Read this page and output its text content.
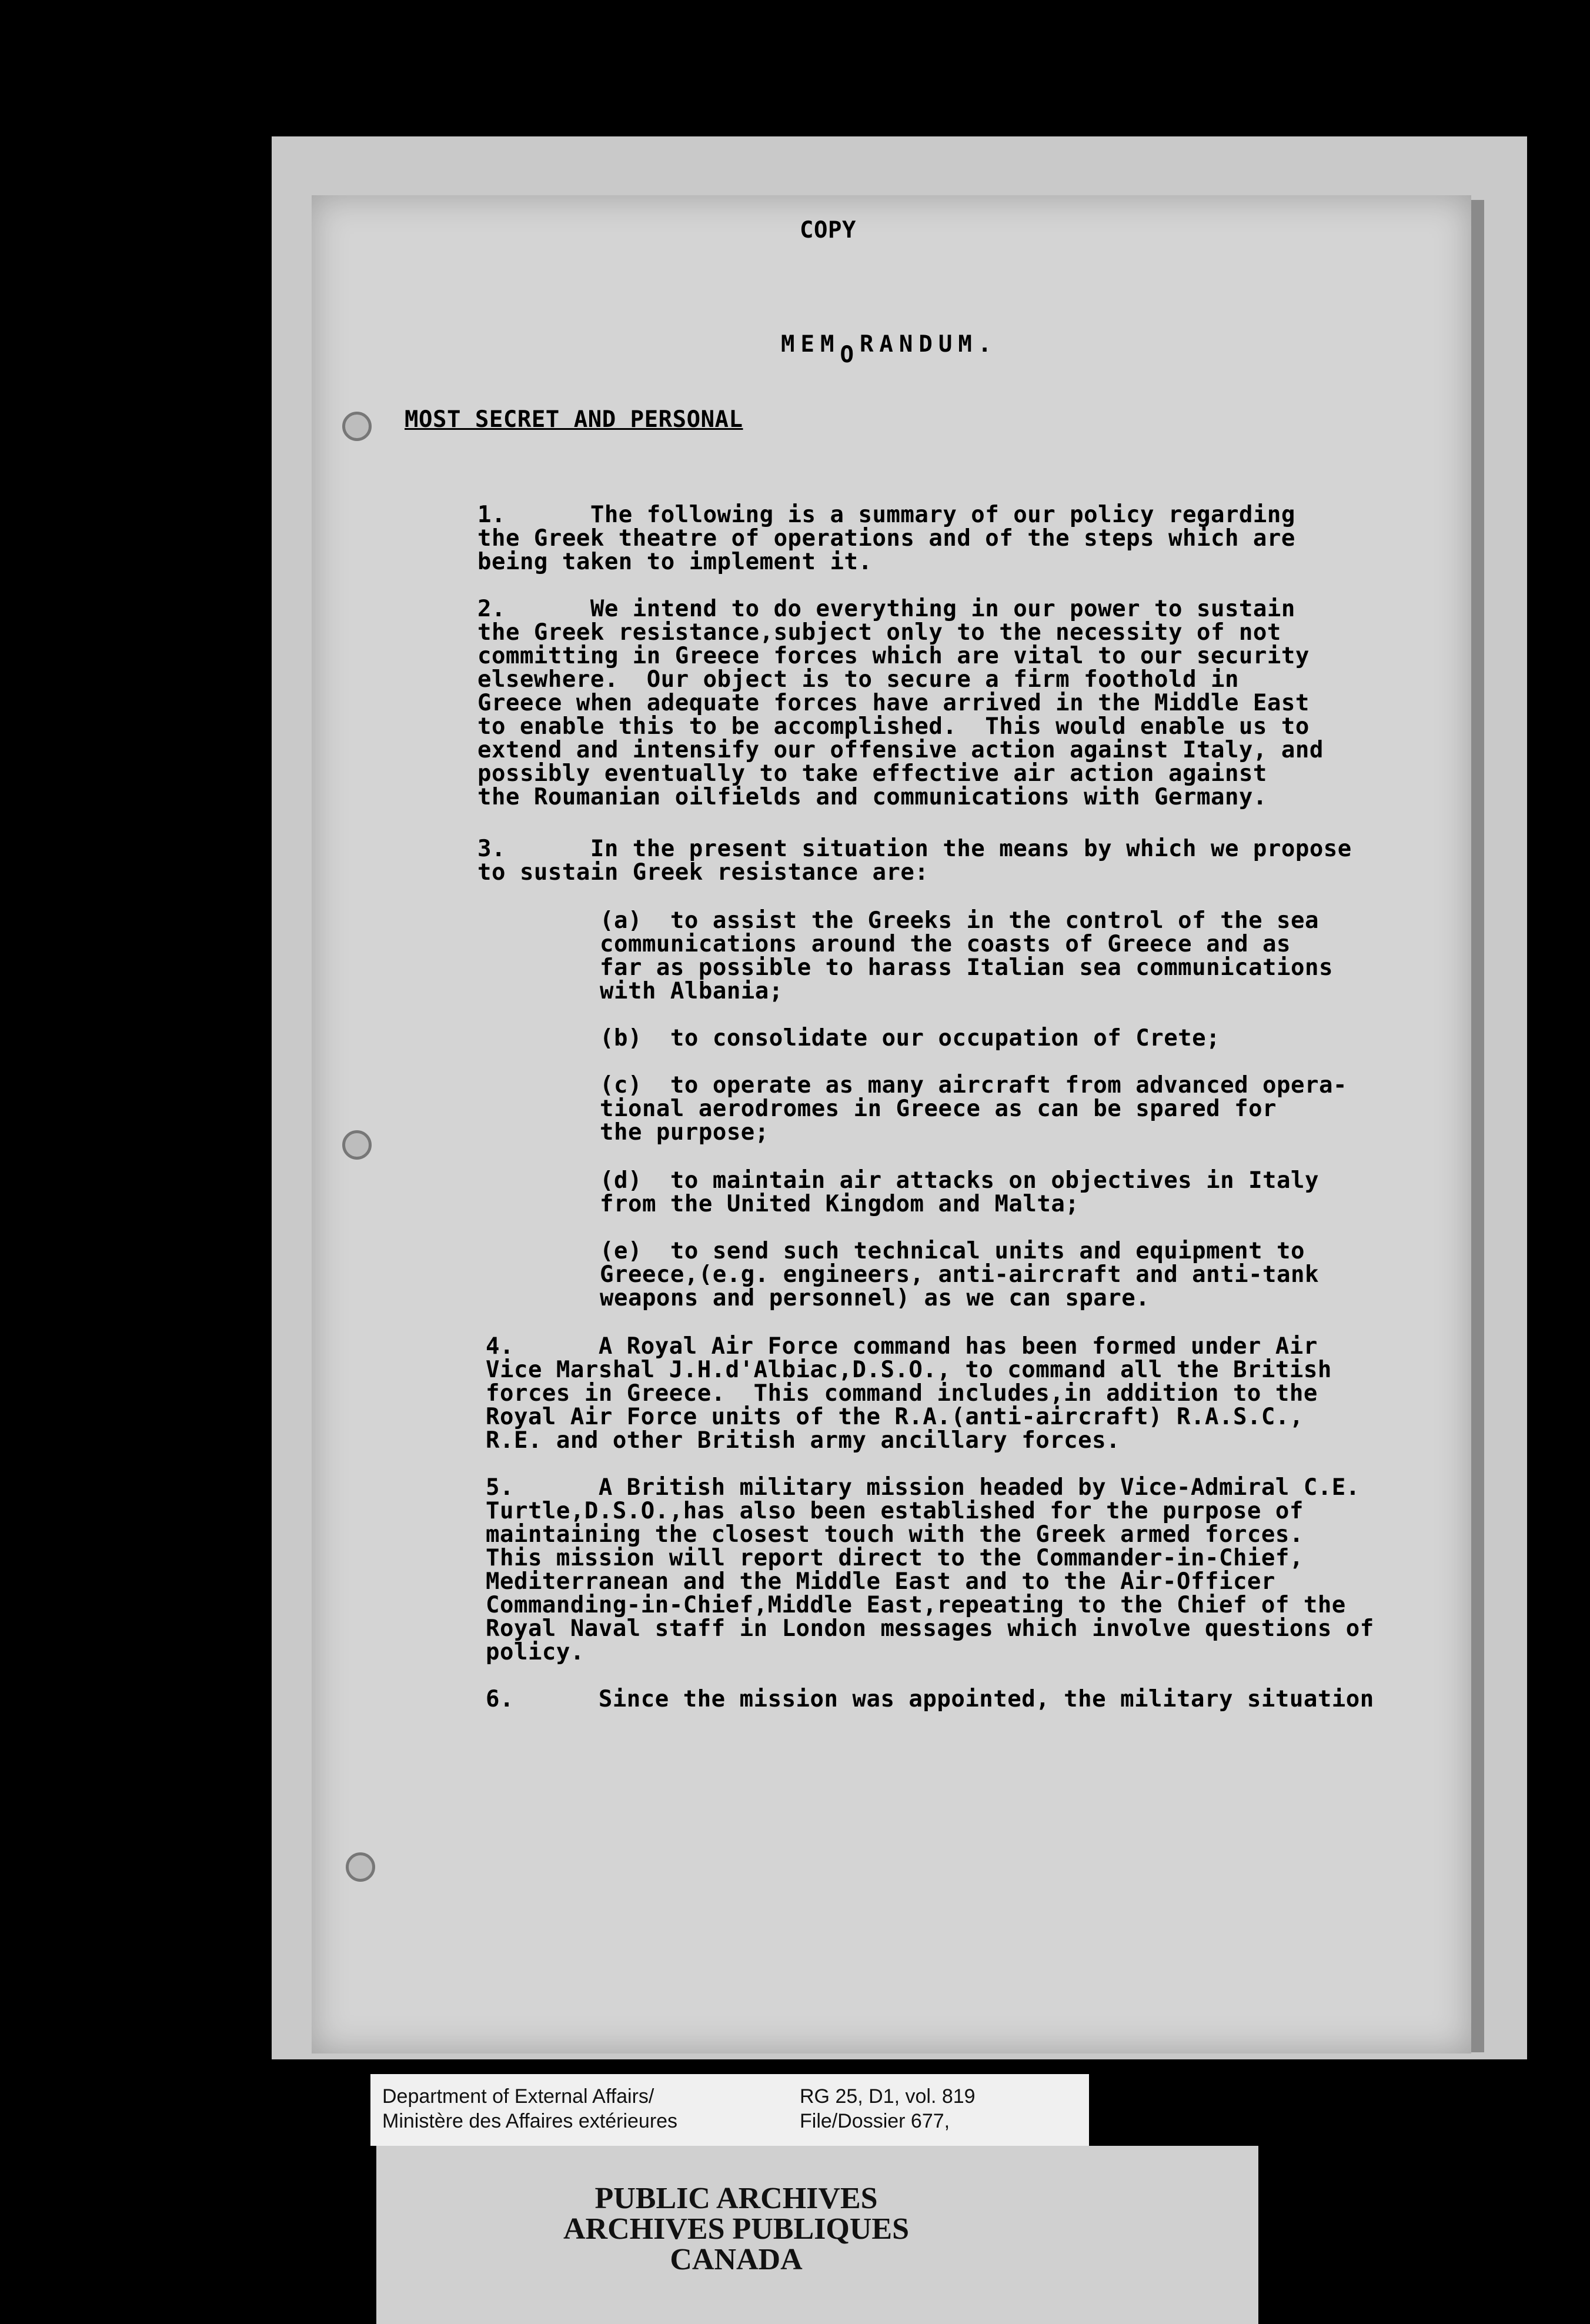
COPY
MEMORANDUM.
MOST SECRET AND PERSONAL
1.      The following is a summary of our policy regarding
the Greek theatre of operations and of the steps which are
being taken to implement it.
2.      We intend to do everything in our power to sustain
the Greek resistance,subject only to the necessity of not
committing in Greece forces which are vital to our security
elsewhere.  Our object is to secure a firm foothold in
Greece when adequate forces have arrived in the Middle East
to enable this to be accomplished.  This would enable us to
extend and intensify our offensive action against Italy, and
possibly eventually to take effective air action against
the Roumanian oilfields and communications with Germany.
3.      In the present situation the means by which we propose
to sustain Greek resistance are:
(a)  to assist the Greeks in the control of the sea
communications around the coasts of Greece and as
far as possible to harass Italian sea communications
with Albania;
(b)  to consolidate our occupation of Crete;
(c)  to operate as many aircraft from advanced opera-
tional aerodromes in Greece as can be spared for
the purpose;
(d)  to maintain air attacks on objectives in Italy
from the United Kingdom and Malta;
(e)  to send such technical units and equipment to
Greece,(e.g. engineers, anti-aircraft and anti-tank
weapons and personnel) as we can spare.
4.      A Royal Air Force command has been formed under Air
Vice Marshal J.H.d'Albiac,D.S.O., to command all the British
forces in Greece.  This command includes,in addition to the
Royal Air Force units of the R.A.(anti-aircraft) R.A.S.C.,
R.E. and other British army ancillary forces.
5.      A British military mission headed by Vice-Admiral C.E.
Turtle,D.S.O.,has also been established for the purpose of
maintaining the closest touch with the Greek armed forces.
This mission will report direct to the Commander-in-Chief,
Mediterranean and the Middle East and to the Air-Officer
Commanding-in-Chief,Middle East,repeating to the Chief of the
Royal Naval staff in London messages which involve questions of
policy.
6.      Since the mission was appointed, the military situation
Department of External Affairs/
Ministère des Affaires extérieures
RG 25, D1, vol. 819
File/Dossier 677,
PUBLIC ARCHIVES
ARCHIVES PUBLIQUES
CANADA
